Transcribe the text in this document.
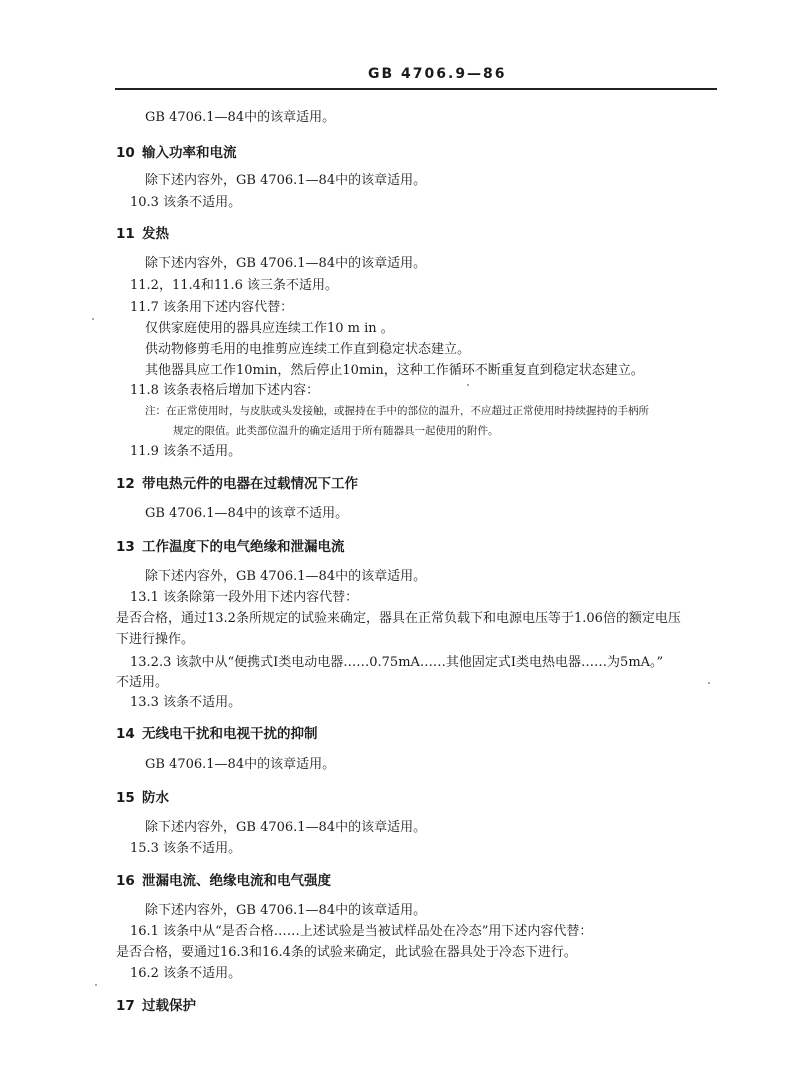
GB 4706.9—86
GB 4706.1—84中的该章适用。
10 输入功率和电流
除下述内容外，GB 4706.1—84中的该章适用。
10.3 该条不适用。
11 发热
除下述内容外，GB 4706.1—84中的该章适用。
11.2，11.4和11.6 该三条不适用。
11.7 该条用下述内容代替：
仅供家庭使用的器具应连续工作10 m in 。
供动物修剪毛用的电推剪应连续工作直到稳定状态建立。
其他器具应工作10min，然后停止10min，这种工作循环不断重复直到稳定状态建立。
11.8 该条表格后增加下述内容：
注：在正常使用时，与皮肤或头发接触，或握持在手中的部位的温升，不应超过正常使用时持续握持的手柄所
规定的限值。此类部位温升的确定适用于所有随器具一起使用的附件。
11.9 该条不适用。
12 带电热元件的电器在过载情况下工作
GB 4706.1—84中的该章不适用。
13 工作温度下的电气绝缘和泄漏电流
除下述内容外，GB 4706.1—84中的该章适用。
13.1 该条除第一段外用下述内容代替：
是否合格，通过13.2条所规定的试验来确定，器具在正常负载下和电源电压等于1.06倍的额定电压
下进行操作。
13.2.3 该款中从“便携式Ⅰ类电动电器……0.75mA……其他固定式Ⅰ类电热电器……为5mA。”
不适用。
13.3 该条不适用。
14 无线电干扰和电视干扰的抑制
GB 4706.1—84中的该章适用。
15 防水
除下述内容外，GB 4706.1—84中的该章适用。
15.3 该条不适用。
16 泄漏电流、绝缘电流和电气强度
除下述内容外，GB 4706.1—84中的该章适用。
16.1 该条中从“是否合格……上述试验是当被试样品处在冷态”用下述内容代替：
是否合格，要通过16.3和16.4条的试验来确定，此试验在器具处于冷态下进行。
16.2 该条不适用。
17 过载保护
